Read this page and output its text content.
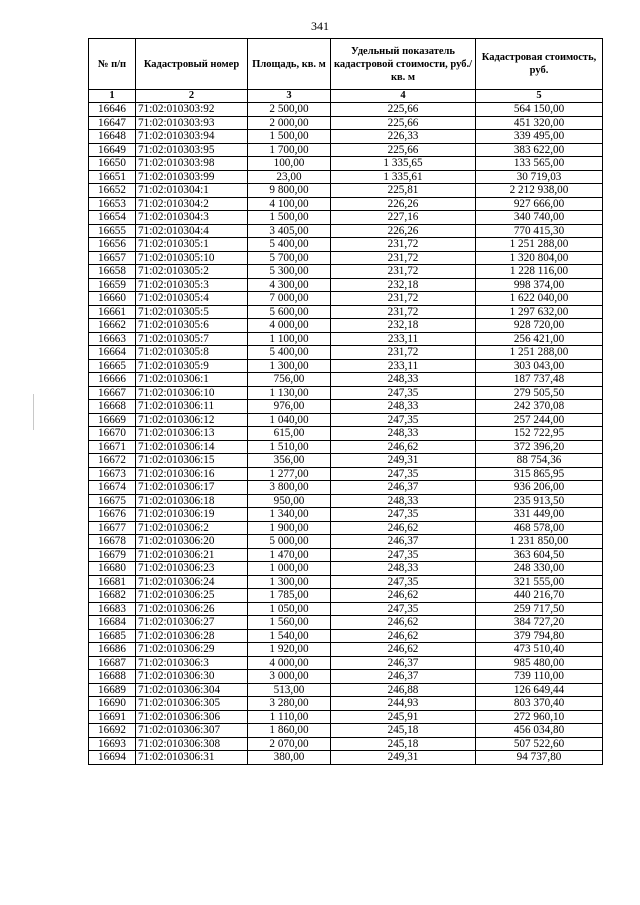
341
№ п/п	Кадастровый номер	Площадь, кв. м	Удельный показатель кадастровой стоимости, руб./кв. м	Кадастровая стоимость, руб.
1	2	3	4	5
16646	71:02:010303:92	2 500,00	225,66	564 150,00
16647	71:02:010303:93	2 000,00	225,66	451 320,00
16648	71:02:010303:94	1 500,00	226,33	339 495,00
16649	71:02:010303:95	1 700,00	225,66	383 622,00
16650	71:02:010303:98	100,00	1 335,65	133 565,00
16651	71:02:010303:99	23,00	1 335,61	30 719,03
16652	71:02:010304:1	9 800,00	225,81	2 212 938,00
16653	71:02:010304:2	4 100,00	226,26	927 666,00
16654	71:02:010304:3	1 500,00	227,16	340 740,00
16655	71:02:010304:4	3 405,00	226,26	770 415,30
16656	71:02:010305:1	5 400,00	231,72	1 251 288,00
16657	71:02:010305:10	5 700,00	231,72	1 320 804,00
16658	71:02:010305:2	5 300,00	231,72	1 228 116,00
16659	71:02:010305:3	4 300,00	232,18	998 374,00
16660	71:02:010305:4	7 000,00	231,72	1 622 040,00
16661	71:02:010305:5	5 600,00	231,72	1 297 632,00
16662	71:02:010305:6	4 000,00	232,18	928 720,00
16663	71:02:010305:7	1 100,00	233,11	256 421,00
16664	71:02:010305:8	5 400,00	231,72	1 251 288,00
16665	71:02:010305:9	1 300,00	233,11	303 043,00
16666	71:02:010306:1	756,00	248,33	187 737,48
16667	71:02:010306:10	1 130,00	247,35	279 505,50
16668	71:02:010306:11	976,00	248,33	242 370,08
16669	71:02:010306:12	1 040,00	247,35	257 244,00
16670	71:02:010306:13	615,00	248,33	152 722,95
16671	71:02:010306:14	1 510,00	246,62	372 396,20
16672	71:02:010306:15	356,00	249,31	88 754,36
16673	71:02:010306:16	1 277,00	247,35	315 865,95
16674	71:02:010306:17	3 800,00	246,37	936 206,00
16675	71:02:010306:18	950,00	248,33	235 913,50
16676	71:02:010306:19	1 340,00	247,35	331 449,00
16677	71:02:010306:2	1 900,00	246,62	468 578,00
16678	71:02:010306:20	5 000,00	246,37	1 231 850,00
16679	71:02:010306:21	1 470,00	247,35	363 604,50
16680	71:02:010306:23	1 000,00	248,33	248 330,00
16681	71:02:010306:24	1 300,00	247,35	321 555,00
16682	71:02:010306:25	1 785,00	246,62	440 216,70
16683	71:02:010306:26	1 050,00	247,35	259 717,50
16684	71:02:010306:27	1 560,00	246,62	384 727,20
16685	71:02:010306:28	1 540,00	246,62	379 794,80
16686	71:02:010306:29	1 920,00	246,62	473 510,40
16687	71:02:010306:3	4 000,00	246,37	985 480,00
16688	71:02:010306:30	3 000,00	246,37	739 110,00
16689	71:02:010306:304	513,00	246,88	126 649,44
16690	71:02:010306:305	3 280,00	244,93	803 370,40
16691	71:02:010306:306	1 110,00	245,91	272 960,10
16692	71:02:010306:307	1 860,00	245,18	456 034,80
16693	71:02:010306:308	2 070,00	245,18	507 522,60
16694	71:02:010306:31	380,00	249,31	94 737,80
